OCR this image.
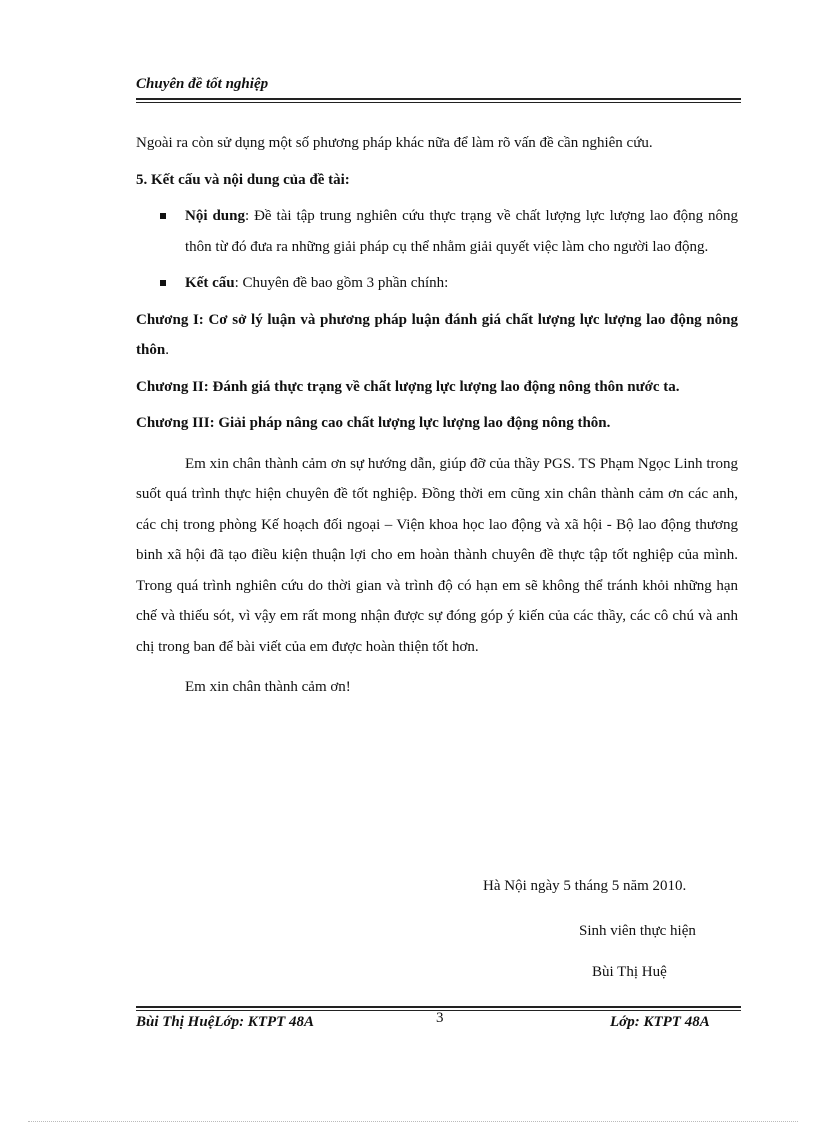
Chuyên đề tốt nghiệp

Ngoài ra còn sử dụng một số phương pháp khác nữa để làm rõ vấn đề cần nghiên cứu.

5. Kết cấu và nội dung của đề tài:

Nội dung: Đề tài tập trung nghiên cứu thực trạng về chất lượng lực lượng lao động nông thôn từ đó đưa ra những giải pháp cụ thể nhằm giải quyết việc làm cho người lao động.

Kết cấu: Chuyên đề bao gồm 3 phần chính:

Chương I: Cơ sở lý luận và phương pháp luận đánh giá chất lượng lực lượng lao động nông thôn.

Chương II: Đánh giá thực trạng về chất lượng lực lượng lao động nông thôn nước ta.

Chương III: Giải pháp nâng cao chất lượng lực lượng lao động nông thôn.

Em xin chân thành cảm ơn sự hướng dẫn, giúp đỡ của thầy PGS. TS Phạm Ngọc Linh trong suốt quá trình thực hiện chuyên đề tốt nghiệp. Đồng thời em cũng xin chân thành cảm ơn các anh, các chị trong phòng Kế hoạch đối ngoại – Viện khoa học lao động và xã hội - Bộ lao động thương binh xã hội đã tạo điều kiện thuận lợi cho em hoàn thành chuyên đề thực tập tốt nghiệp của mình. Trong quá trình nghiên cứu do thời gian và trình độ có hạn em sẽ không thể tránh khỏi những hạn chế và thiếu sót, vì vậy em rất mong nhận được sự đóng góp ý kiến của các thầy, các cô chú và anh chị trong ban để bài viết của em được hoàn thiện tốt hơn.

Em xin chân thành cảm ơn!

Hà Nội ngày 5 tháng 5 năm 2010.
Sinh viên thực hiện
Bùi Thị Huệ
Bùi Thị HuệLớp: KTPT 48A	3	Lớp: KTPT 48A
